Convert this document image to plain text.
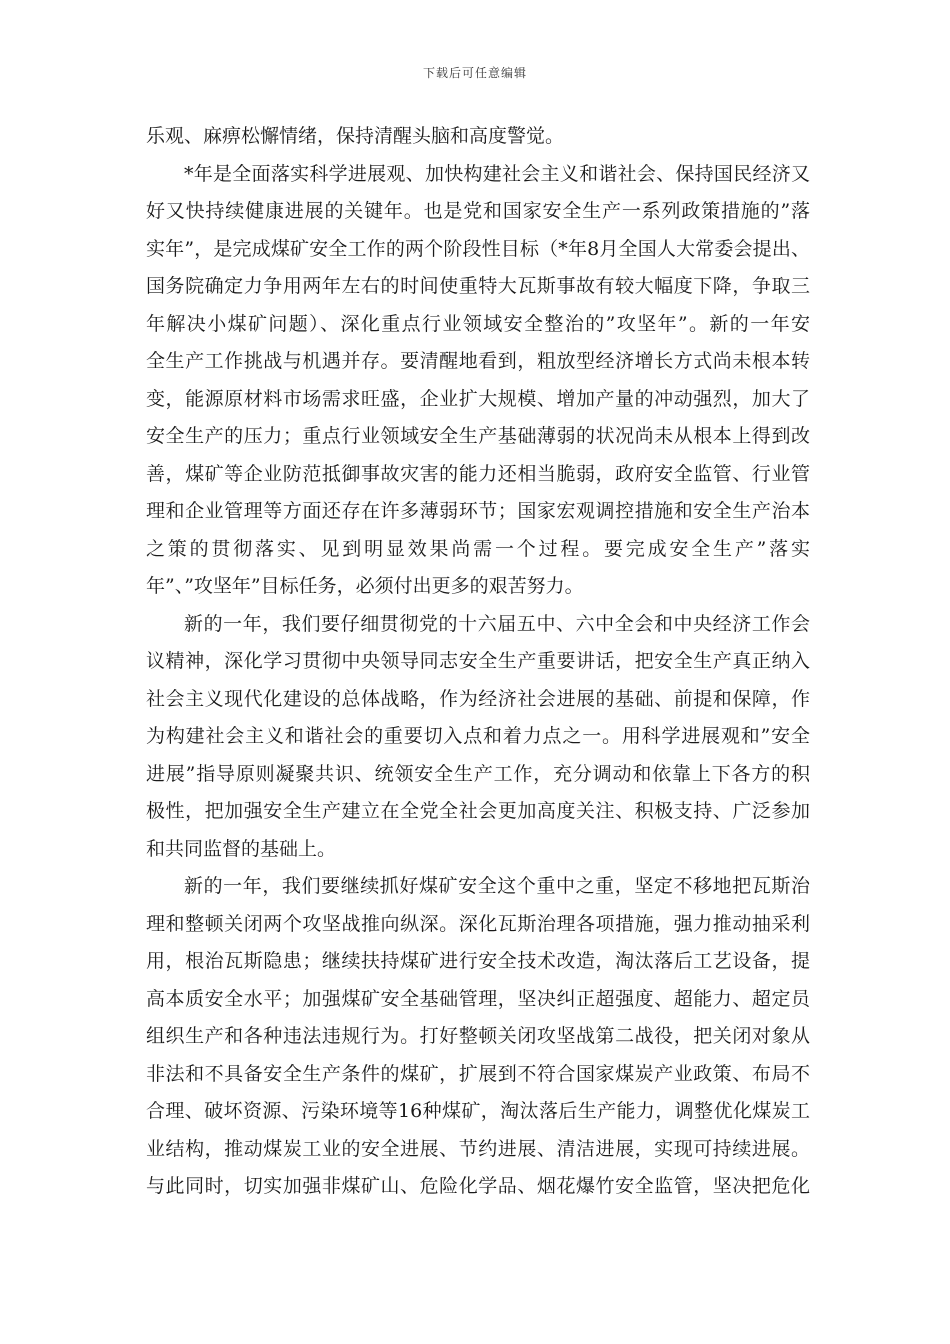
下载后可任意编辑
乐观、麻痹松懈情绪，保持清醒头脑和高度警觉。
*年是全面落实科学进展观、加快构建社会主义和谐社会、保持国民经济又
好又快持续健康进展的关键年。也是党和国家安全生产一系列政策措施的”落
实年”，是完成煤矿安全工作的两个阶段性目标（*年8月全国人大常委会提出、
国务院确定力争用两年左右的时间使重特大瓦斯事故有较大幅度下降，争取三
年解决小煤矿问题）、深化重点行业领域安全整治的”攻坚年”。新的一年安
全生产工作挑战与机遇并存。要清醒地看到，粗放型经济增长方式尚未根本转
变，能源原材料市场需求旺盛，企业扩大规模、增加产量的冲动强烈，加大了
安全生产的压力；重点行业领域安全生产基础薄弱的状况尚未从根本上得到改
善，煤矿等企业防范抵御事故灾害的能力还相当脆弱，政府安全监管、行业管
理和企业管理等方面还存在许多薄弱环节；国家宏观调控措施和安全生产治本
之策的贯彻落实、见到明显效果尚需一个过程。要完成安全生产”落实
年”、”攻坚年”目标任务，必须付出更多的艰苦努力。
新的一年，我们要仔细贯彻党的十六届五中、六中全会和中央经济工作会
议精神，深化学习贯彻中央领导同志安全生产重要讲话，把安全生产真正纳入
社会主义现代化建设的总体战略，作为经济社会进展的基础、前提和保障，作
为构建社会主义和谐社会的重要切入点和着力点之一。用科学进展观和”安全
进展”指导原则凝聚共识、统领安全生产工作，充分调动和依靠上下各方的积
极性，把加强安全生产建立在全党全社会更加高度关注、积极支持、广泛参加
和共同监督的基础上。
新的一年，我们要继续抓好煤矿安全这个重中之重，坚定不移地把瓦斯治
理和整顿关闭两个攻坚战推向纵深。深化瓦斯治理各项措施，强力推动抽采利
用，根治瓦斯隐患；继续扶持煤矿进行安全技术改造，淘汰落后工艺设备，提
高本质安全水平；加强煤矿安全基础管理，坚决纠正超强度、超能力、超定员
组织生产和各种违法违规行为。打好整顿关闭攻坚战第二战役，把关闭对象从
非法和不具备安全生产条件的煤矿，扩展到不符合国家煤炭产业政策、布局不
合理、破坏资源、污染环境等16种煤矿，淘汰落后生产能力，调整优化煤炭工
业结构，推动煤炭工业的安全进展、节约进展、清洁进展，实现可持续进展。
与此同时，切实加强非煤矿山、危险化学品、烟花爆竹安全监管，坚决把危化
